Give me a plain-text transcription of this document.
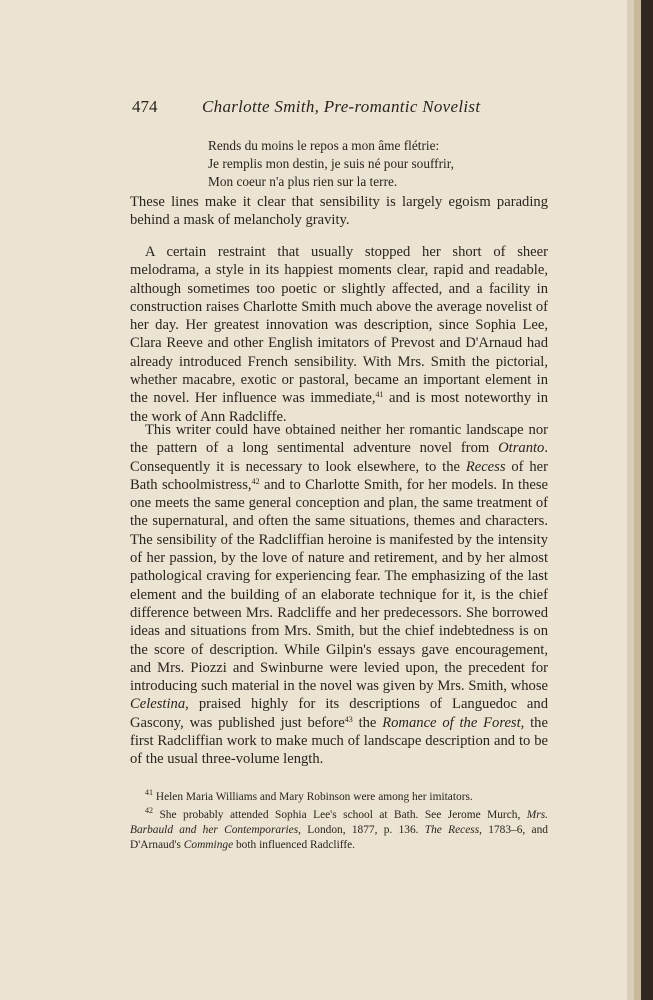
474	Charlotte Smith, Pre-romantic Novelist
Rends du moins le repos a mon âme flétrie:
Je remplis mon destin, je suis né pour souffrir,
Mon coeur n'a plus rien sur la terre.

These lines make it clear that sensibility is largely egoism parading behind a mask of melancholy gravity.

A certain restraint that usually stopped her short of sheer melodrama, a style in its happiest moments clear, rapid and readable, although sometimes too poetic or slightly affected, and a facility in construction raises Charlotte Smith much above the average novelist of her day. Her greatest innovation was description, since Sophia Lee, Clara Reeve and other English imitators of Prevost and D'Arnaud had already introduced French sensibility. With Mrs. Smith the pictorial, whether macabre, exotic or pastoral, became an important element in the novel. Her influence was immediate,$^{41}$ and is most noteworthy in the work of Ann Radcliffe.

This writer could have obtained neither her romantic landscape nor the pattern of a long sentimental adventure novel from Otranto. Consequently it is necessary to look elsewhere, to the Recess of her Bath schoolmistress,$^{42}$ and to Charlotte Smith, for her models. In these one meets the same general conception and plan, the same treatment of the supernatural, and often the same situations, themes and characters. The sensibility of the Radcliffian heroine is manifested by the intensity of her passion, by the love of nature and retirement, and by her almost pathological craving for experiencing fear. The emphasizing of the last element and the building of an elaborate technique for it, is the chief difference between Mrs. Radcliffe and her predecessors. She borrowed ideas and situations from Mrs. Smith, but the chief indebtedness is on the score of description. While Gilpin's essays gave encouragement, and Mrs. Piozzi and Swinburne were levied upon, the precedent for introducing such material in the novel was given by Mrs. Smith, whose Celestina, praised highly for its descriptions of Languedoc and Gascony, was published just before$^{43}$ the Romance of the Forest, the first Radcliffian work to make much of landscape description and to be of the usual three-volume length.

$^{41}$ Helen Maria Williams and Mary Robinson were among her imitators.

$^{42}$ She probably attended Sophia Lee's school at Bath. See Jerome Murch, Mrs. Barbauld and her Contemporaries, London, 1877, p. 136. The Recess, 1783–6, and D'Arnaud's Comminge both influenced Radcliffe.
